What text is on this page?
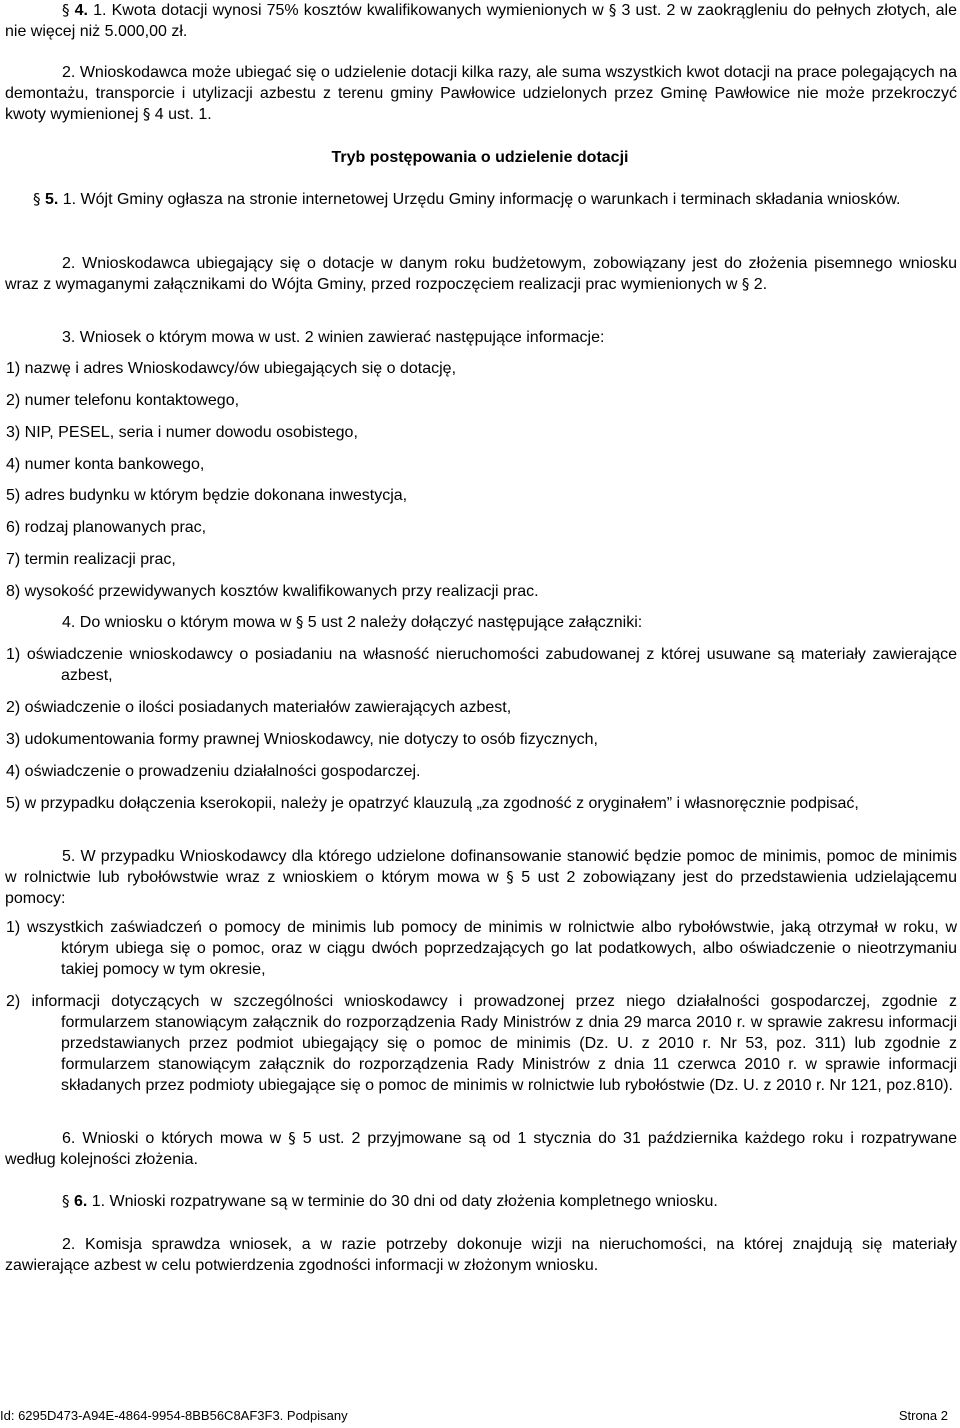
§ 4. 1. Kwota dotacji wynosi 75% kosztów kwalifikowanych wymienionych w § 3 ust. 2 w zaokrągleniu do pełnych złotych, ale nie więcej niż 5.000,00 zł.

2. Wnioskodawca może ubiegać się o udzielenie dotacji kilka razy, ale suma wszystkich kwot dotacji na prace polegających na demontażu, transporcie i utylizacji azbestu z terenu gminy Pawłowice udzielonych przez Gminę Pawłowice nie może przekroczyć kwoty wymienionej § 4 ust. 1.

Tryb postępowania o udzielenie dotacji

§ 5. 1. Wójt Gminy ogłasza na stronie internetowej Urzędu Gminy informację o warunkach i terminach składania wniosków.

2. Wnioskodawca ubiegający się o dotacje w danym roku budżetowym, zobowiązany jest do złożenia pisemnego wniosku wraz z wymaganymi załącznikami do Wójta Gminy, przed rozpoczęciem realizacji prac wymienionych w § 2.

3. Wniosek o którym mowa w ust. 2 winien zawierać następujące informacje:

1) nazwę i adres Wnioskodawcy/ów ubiegających się o dotację,

2) numer telefonu kontaktowego,

3) NIP, PESEL, seria i numer dowodu osobistego,

4) numer konta bankowego,

5) adres budynku w którym będzie dokonana inwestycja,

6) rodzaj planowanych prac,

7) termin realizacji prac,

8) wysokość przewidywanych kosztów kwalifikowanych przy realizacji prac.

4. Do wniosku o którym mowa w § 5 ust 2 należy dołączyć następujące załączniki:

1) oświadczenie wnioskodawcy o posiadaniu na własność nieruchomości zabudowanej z której usuwane są materiały zawierające azbest,

2) oświadczenie o ilości posiadanych materiałów zawierających azbest,

3) udokumentowania formy prawnej Wnioskodawcy, nie dotyczy to osób fizycznych,

4) oświadczenie o prowadzeniu działalności gospodarczej.

5) w przypadku dołączenia kserokopii, należy je opatrzyć klauzulą „za zgodność z oryginałem” i własnoręcznie podpisać,

5. W przypadku Wnioskodawcy dla którego udzielone dofinansowanie stanowić będzie pomoc de minimis, pomoc de minimis w rolnictwie lub rybołówstwie wraz z wnioskiem o którym mowa w § 5 ust 2 zobowiązany jest do przedstawienia udzielającemu pomocy:

1) wszystkich zaświadczeń o pomocy de minimis lub pomocy de minimis w rolnictwie albo rybołówstwie, jaką otrzymał w roku, w którym ubiega się o pomoc, oraz w ciągu dwóch poprzedzających go lat podatkowych, albo oświadczenie o nieotrzymaniu takiej pomocy w tym okresie,

2) informacji dotyczących w szczególności wnioskodawcy i prowadzonej przez niego działalności gospodarczej, zgodnie z formularzem stanowiącym załącznik do rozporządzenia Rady Ministrów z dnia 29 marca 2010 r. w sprawie zakresu informacji przedstawianych przez podmiot ubiegający się o pomoc de minimis (Dz. U. z 2010 r. Nr 53, poz. 311) lub zgodnie z formularzem stanowiącym załącznik do rozporządzenia Rady Ministrów z dnia 11 czerwca 2010 r. w sprawie informacji składanych przez podmioty ubiegające się o pomoc de minimis w rolnictwie lub rybołóstwie (Dz. U. z 2010 r. Nr 121, poz.810).

6. Wnioski o których mowa w § 5 ust. 2 przyjmowane są od 1 stycznia do 31 października każdego roku i rozpatrywane według kolejności złożenia.

§ 6. 1. Wnioski rozpatrywane są w terminie do 30 dni od daty złożenia kompletnego wniosku.

2. Komisja sprawdza wniosek, a w razie potrzeby dokonuje wizji na nieruchomości, na której znajdują się materiały zawierające azbest w celu potwierdzenia zgodności informacji w złożonym wniosku.

Id: 6295D473-A94E-4864-9954-8BB56C8AF3F3. Podpisany	Strona 2
